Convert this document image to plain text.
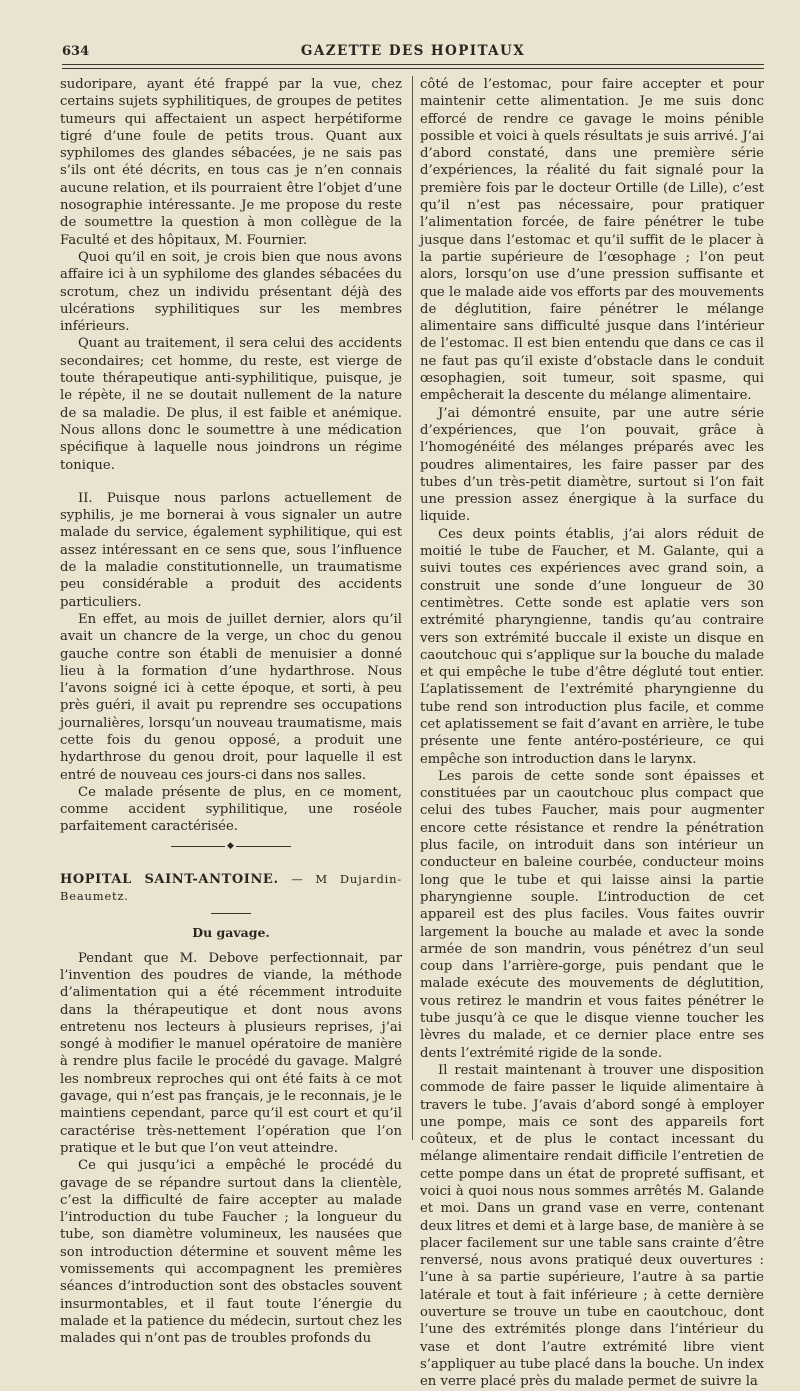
634	GAZETTE DES HOPITAUX

sudoripare, ayant été frappé par la vue, chez certains sujets syphilitiques, de groupes de petites tumeurs qui affectaient un aspect herpétiforme tigré d’une foule de petits trous. Quant aux syphilomes des glandes sébacées, je ne sais pas s’ils ont été décrits, en tous cas je n’en connais aucune relation, et ils pourraient être l’objet d’une nosographie intéressante. Je me propose du reste de soumettre la question à mon collègue de la Faculté et des hôpitaux, M. Fournier.

Quoi qu’il en soit, je crois bien que nous avons affaire ici à un syphilome des glandes sébacées du scrotum, chez un individu présentant déjà des ulcérations syphilitiques sur les membres inférieurs.

Quant au traitement, il sera celui des accidents secondaires; cet homme, du reste, est vierge de toute thérapeutique anti-syphilitique, puisque, je le répète, il ne se doutait nullement de la nature de sa maladie. De plus, il est faible et anémique. Nous allons donc le soumettre à une médication spécifique à laquelle nous joindrons un régime tonique.

II. Puisque nous parlons actuellement de syphilis, je me bornerai à vous signaler un autre malade du service, également syphilitique, qui est assez intéressant en ce sens que, sous l’influence de la maladie constitutionnelle, un traumatisme peu considérable a produit des accidents particuliers.

En effet, au mois de juillet dernier, alors qu’il avait un chancre de la verge, un choc du genou gauche contre son établi de menuisier a donné lieu à la formation d’une hydarthrose. Nous l’avons soigné ici à cette époque, et sorti, à peu près guéri, il avait pu reprendre ses occupations journalières, lorsqu’un nouveau traumatisme, mais cette fois du genou opposé, a produit une hydarthrose du genou droit, pour laquelle il est entré de nouveau ces jours-ci dans nos salles.

Ce malade présente de plus, en ce moment, comme accident syphilitique, une roséole parfaitement caractérisée.

◆
HOPITAL SAINT-ANTOINE. — M Dujardin-Beaumetz.
Du gavage.

Pendant que M. Debove perfectionnait, par l’invention des poudres de viande, la méthode d’alimentation qui a été récemment introduite dans la thérapeutique et dont nous avons entretenu nos lecteurs à plusieurs reprises, j’ai songé à modifier le manuel opératoire de manière à rendre plus facile le procédé du gavage. Malgré les nombreux reproches qui ont été faits à ce mot gavage, qui n’est pas français, je le reconnais, je le maintiens cependant, parce qu’il est court et qu’il caractérise très-nettement l’opération que l’on pratique et le but que l’on veut atteindre.

Ce qui jusqu’ici a empêché le procédé du gavage de se répandre surtout dans la clientèle, c’est la difficulté de faire accepter au malade l’introduction du tube Faucher ; la longueur du tube, son diamètre volumineux, les nausées que son introduction détermine et souvent même les vomissements qui accompagnent les premières séances d’introduction sont des obstacles souvent insurmontables, et il faut toute l’énergie du malade et la patience du médecin, surtout chez les malades qui n’ont pas de troubles profonds du

côté de l’estomac, pour faire accepter et pour maintenir cette alimentation. Je me suis donc efforcé de rendre ce gavage le moins pénible possible et voici à quels résultats je suis arrivé. J’ai d’abord constaté, dans une première série d’expériences, la réalité du fait signalé pour la première fois par le docteur Ortille (de Lille), c’est qu’il n’est pas nécessaire, pour pratiquer l’alimentation forcée, de faire pénétrer le tube jusque dans l’estomac et qu’il suffit de le placer à la partie supérieure de l’œsophage ; l’on peut alors, lorsqu’on use d’une pression suffisante et que le malade aide vos efforts par des mouvements de déglutition, faire pénétrer le mélange alimentaire sans difficulté jusque dans l’intérieur de l’estomac. Il est bien entendu que dans ce cas il ne faut pas qu’il existe d’obstacle dans le conduit œsophagien, soit tumeur, soit spasme, qui empêcherait la descente du mélange alimentaire.

J’ai démontré ensuite, par une autre série d’expériences, que l’on pouvait, grâce à l’homogénéité des mélanges préparés avec les poudres alimentaires, les faire passer par des tubes d’un très-petit diamètre, surtout si l’on fait une pression assez énergique à la surface du liquide.

Ces deux points établis, j’ai alors réduit de moitié le tube de Faucher, et M. Galante, qui a suivi toutes ces expériences avec grand soin, a construit une sonde d’une longueur de 30 centimètres. Cette sonde est aplatie vers son extrémité pharyngienne, tandis qu’au contraire vers son extrémité buccale il existe un disque en caoutchouc qui s’applique sur la bouche du malade et qui empêche le tube d’être dégluté tout entier. L’aplatissement de l’extrémité pharyngienne du tube rend son introduction plus facile, et comme cet aplatissement se fait d’avant en arrière, le tube présente une fente antéro-postérieure, ce qui empêche son introduction dans le larynx.

Les parois de cette sonde sont épaisses et constituées par un caoutchouc plus compact que celui des tubes Faucher, mais pour augmenter encore cette résistance et rendre la pénétration plus facile, on introduit dans son intérieur un conducteur en baleine courbée, conducteur moins long que le tube et qui laisse ainsi la partie pharyngienne souple. L’introduction de cet appareil est des plus faciles. Vous faites ouvrir largement la bouche au malade et avec la sonde armée de son mandrin, vous pénétrez d’un seul coup dans l’arrière-gorge, puis pendant que le malade exécute des mouvements de déglutition, vous retirez le mandrin et vous faites pénétrer le tube jusqu’à ce que le disque vienne toucher les lèvres du malade, et ce dernier place entre ses dents l’extrémité rigide de la sonde.

Il restait maintenant à trouver une disposition commode de faire passer le liquide alimentaire à travers le tube. J’avais d’abord songé à employer une pompe, mais ce sont des appareils fort coûteux, et de plus le contact incessant du mélange alimentaire rendait difficile l’entretien de cette pompe dans un état de propreté suffisant, et voici à quoi nous nous sommes arrêtés M. Galande et moi. Dans un grand vase en verre, contenant deux litres et demi et à large base, de manière à se placer facilement sur une table sans crainte d’être renversé, nous avons pratiqué deux ouvertures : l’une à sa partie supérieure, l’autre à sa partie latérale et tout à fait inférieure ; à cette dernière ouverture se trouve un tube en caoutchouc, dont l’une des extrémités plonge dans l’intérieur du vase et dont l’autre extrémité libre vient s’appliquer au tube placé dans la bouche. Un index en verre placé près du malade permet de suivre la
